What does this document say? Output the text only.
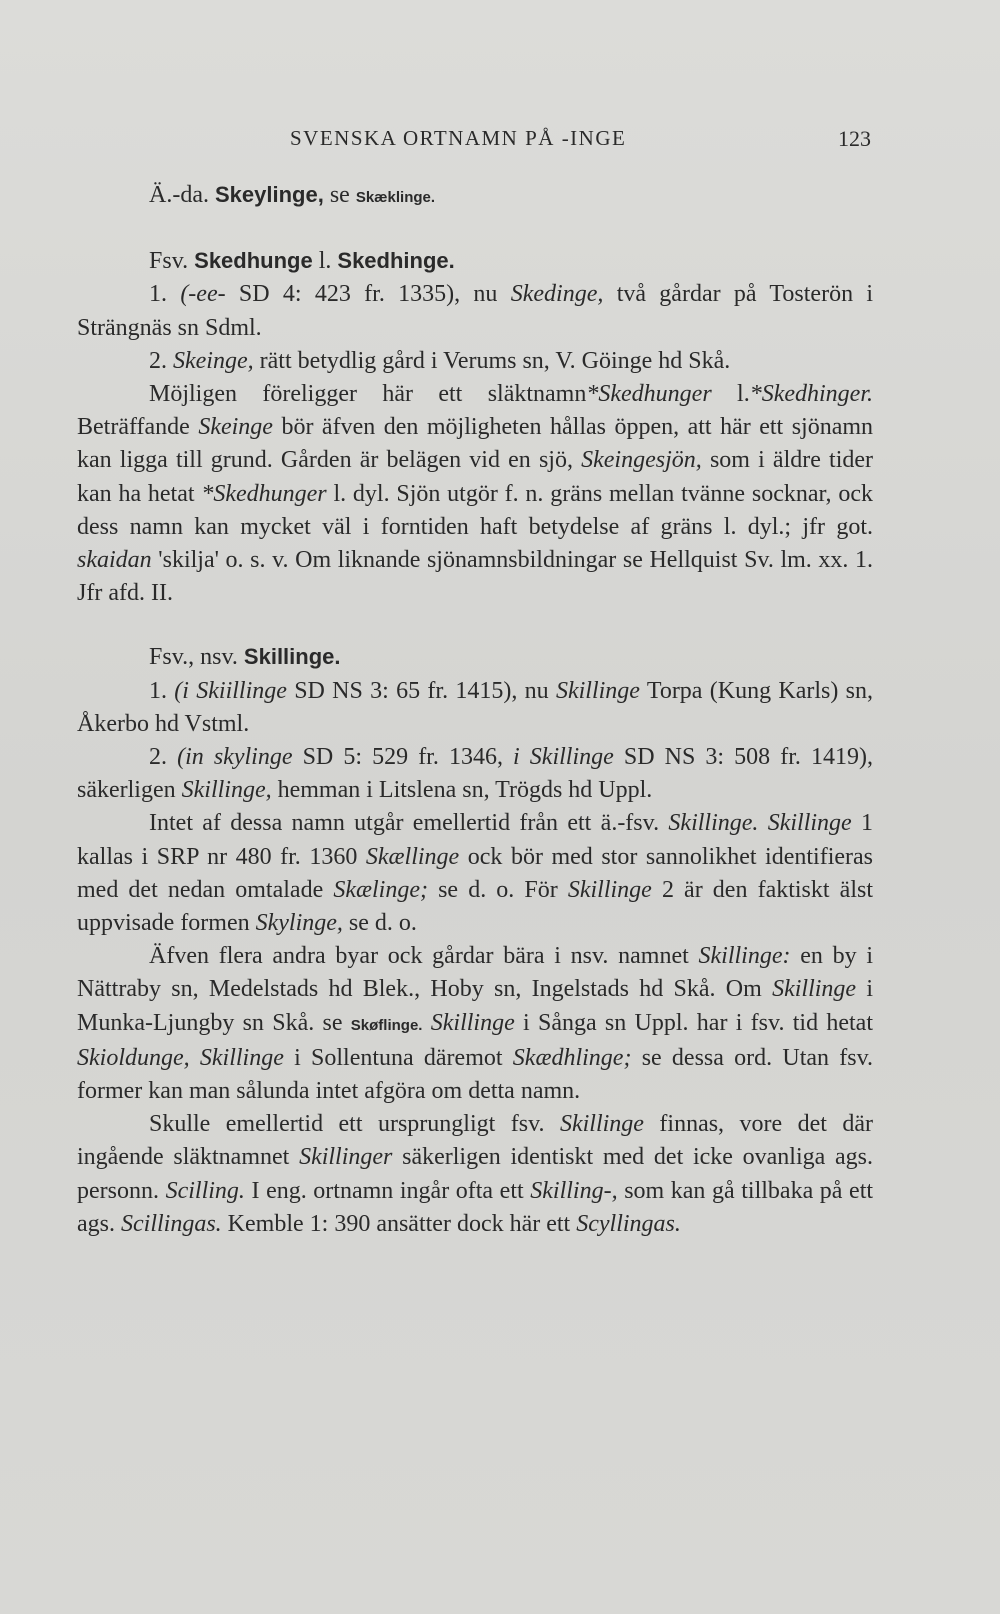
SVENSKA ORTNAMN PÅ -INGE	123

Ä.-da. Skeylinge, se Skæklinge.

Fsv. Skedhunge l. Skedhinge.

1. (-ee- SD 4: 423 fr. 1335), nu Skedinge, två gårdar på Tosterön i Strängnäs sn Sdml.

2. Skeinge, rätt betydlig gård i Verums sn, V. Göinge hd Skå.

Möjligen föreligger här ett släktnamn*Skedhunger l.*Skedhinger. Beträffande Skeinge bör äfven den möjligheten hållas öppen, att här ett sjönamn kan ligga till grund. Gården är belägen vid en sjö, Skeingesjön, som i äldre tider kan ha hetat *Skedhunger l. dyl. Sjön utgör f. n. gräns mellan tvänne socknar, ock dess namn kan mycket väl i forntiden haft betydelse af gräns l. dyl.; jfr got. skaidan 'skilja' o. s. v. Om liknande sjönamnsbildningar se Hellquist Sv. lm. xx. 1. Jfr afd. II.

Fsv., nsv. Skillinge.

1. (i Skiillinge SD NS 3: 65 fr. 1415), nu Skillinge Torpa (Kung Karls) sn, Åkerbo hd Vstml.

2. (in skylinge SD 5: 529 fr. 1346, i Skillinge SD NS 3: 508 fr. 1419), säkerligen Skillinge, hemman i Litslena sn, Trögds hd Uppl.

Intet af dessa namn utgår emellertid från ett ä.-fsv. Skillinge. Skillinge 1 kallas i SRP nr 480 fr. 1360 Skællinge ock bör med stor sannolikhet identifieras med det nedan omtalade Skælinge; se d. o. För Skillinge 2 är den faktiskt älst uppvisade formen Skylinge, se d. o.

Äfven flera andra byar ock gårdar bära i nsv. namnet Skillinge: en by i Nättraby sn, Medelstads hd Blek., Hoby sn, Ingelstads hd Skå. Om Skillinge i Munka-Ljungby sn Skå. se Skøflinge. Skillinge i Sånga sn Uppl. har i fsv. tid hetat Skioldunge, Skillinge i Sollentuna däremot Skædhlinge; se dessa ord. Utan fsv. former kan man sålunda intet afgöra om detta namn.

Skulle emellertid ett ursprungligt fsv. Skillinge finnas, vore det där ingående släktnamnet Skillinger säkerligen identiskt med det icke ovanliga ags. personn. Scilling. I eng. ortnamn ingår ofta ett Skilling-, som kan gå tillbaka på ett ags. Scillingas. Kemble 1: 390 ansätter dock här ett Scyllingas.
